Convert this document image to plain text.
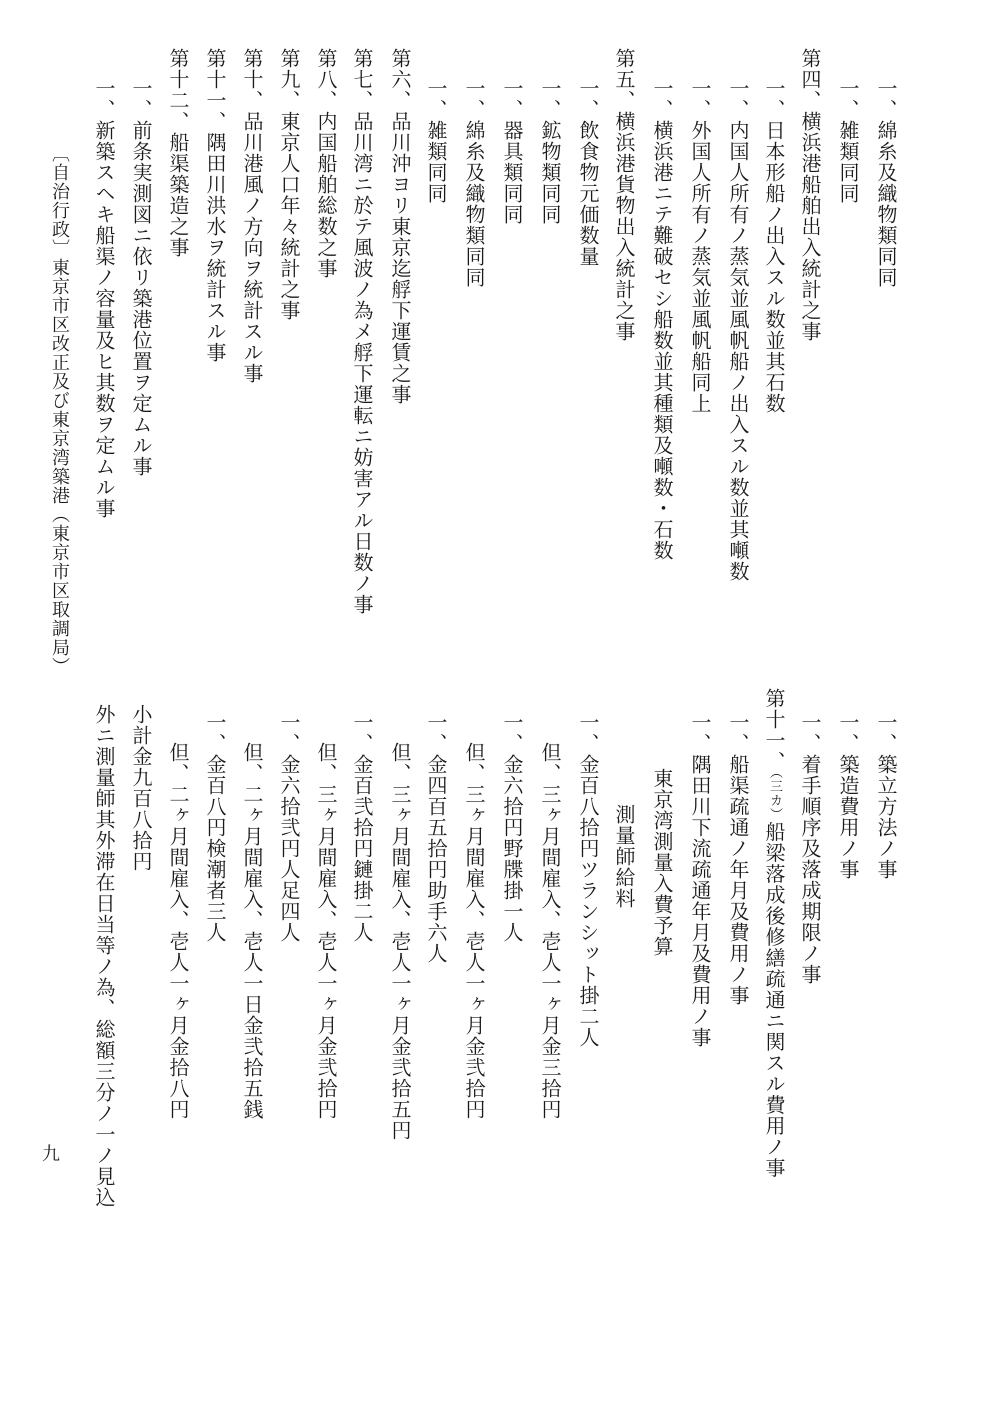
一、綿糸及織物類同同
一、雑類同同
第四、横浜港船舶出入統計之事
一、日本形船ノ出入スル数並其石数
一、内国人所有ノ蒸気並風帆船ノ出入スル数並其噸数
一、外国人所有ノ蒸気並風帆船同上
一、横浜港ニテ難破セシ船数並其種類及噸数・石数
第五、横浜港貨物出入統計之事
一、飲食物元価数量
一、鉱物類同同
一、器具類同同
一、綿糸及織物類同同
一、雑類同同
第六、品川沖ヨリ東京迄艀下運賃之事
第七、品川湾ニ於テ風波ノ為メ艀下運転ニ妨害アル日数ノ事
第八、内国船舶総数之事
第九、東京人口年々統計之事
第十、品川港風ノ方向ヲ統計スル事
第十一、隅田川洪水ヲ統計スル事
第十二、船渠築造之事
一、前条実測図ニ依リ築港位置ヲ定ムル事
一、新築スヘキ船渠ノ容量及ヒ其数ヲ定ムル事
〔自治行政〕東京市区改正及び東京湾築港（東京市区取調局）
一、築立方法ノ事
一、築造費用ノ事
一、着手順序及落成期限ノ事
第十一、（三カ）船梁落成後修繕疏通ニ関スル費用ノ事
一、船渠疏通ノ年月及費用ノ事
一、隅田川下流疏通年月及費用ノ事
東京湾測量入費予算
測量師給料
一、金百八拾円ツランシット掛二人
但、三ヶ月間雇入、壱人一ヶ月金三拾円
一、金六拾円野牒掛一人
但、三ヶ月間雇入、壱人一ヶ月金弐拾円
一、金四百五拾円助手六人
但、三ヶ月間雇入、壱人一ヶ月金弐拾五円
一、金百弐拾円鏈掛二人
但、三ヶ月間雇入、壱人一ヶ月金弐拾円
一、金六拾弐円人足四人
但、二ヶ月間雇入、壱人一日金弐拾五銭
一、金百八円検潮者三人
但、二ヶ月間雇入、壱人一ヶ月金拾八円
小計金九百八拾円
外ニ測量師其外滞在日当等ノ為、総額三分ノ一ノ見込
九
